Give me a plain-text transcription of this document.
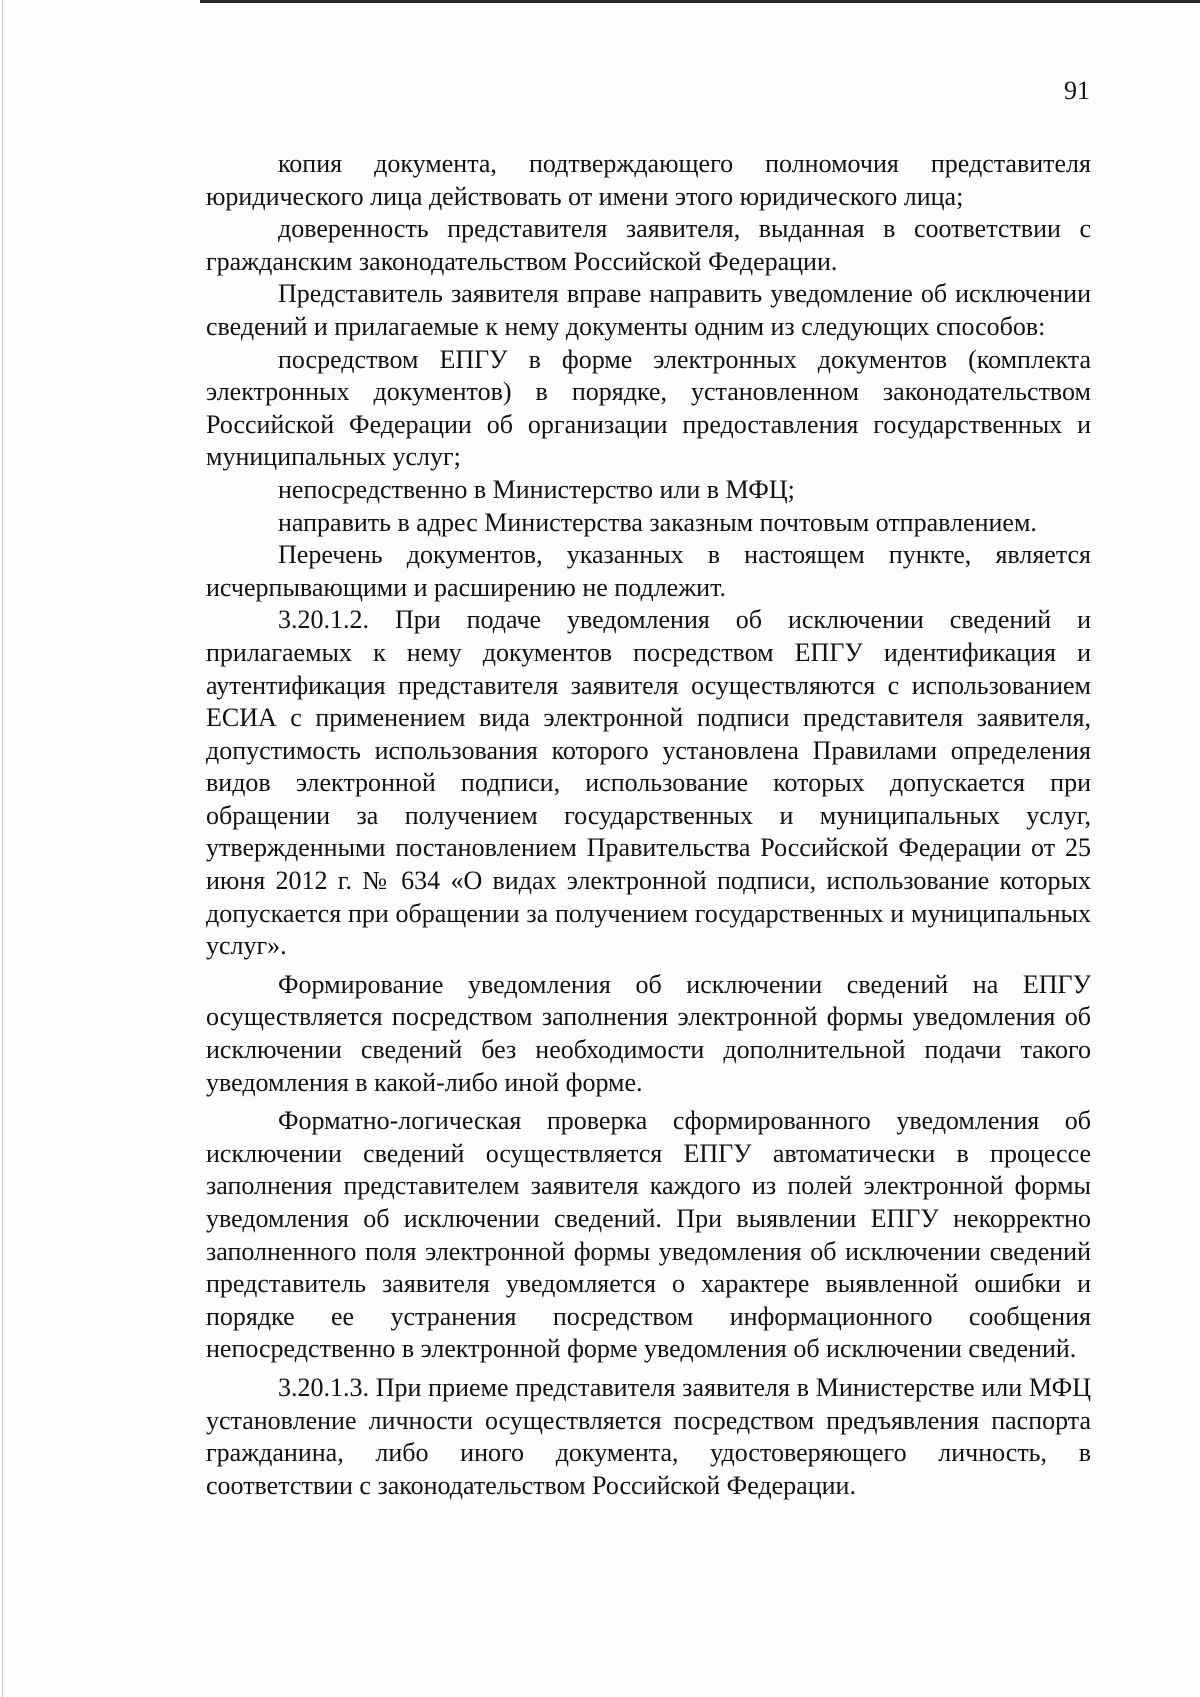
91

копия документа, подтверждающего полномочия представителя юридического лица действовать от имени этого юридического лица;

доверенность представителя заявителя, выданная в соответствии с гражданским законодательством Российской Федерации.

Представитель заявителя вправе направить уведомление об исключении сведений и прилагаемые к нему документы одним из следующих способов:

посредством ЕПГУ в форме электронных документов (комплекта электронных документов) в порядке, установленном законодательством Российской Федерации об организации предоставления государственных и муниципальных услуг;

непосредственно в Министерство или в МФЦ;

направить в адрес Министерства заказным почтовым отправлением.

Перечень документов, указанных в настоящем пункте, является исчерпывающими и расширению не подлежит.

3.20.1.2. При подаче уведомления об исключении сведений и прилагаемых к нему документов посредством ЕПГУ идентификация и аутентификация представителя заявителя осуществляются с использованием ЕСИА с применением вида электронной подписи представителя заявителя, допустимость использования которого установлена Правилами определения видов электронной подписи, использование которых допускается при обращении за получением государственных и муниципальных услуг, утвержденными постановлением Правительства Российской Федерации от 25 июня 2012 г. № 634 «О видах электронной подписи, использование которых допускается при обращении за получением государственных и муниципальных услуг».

Формирование уведомления об исключении сведений на ЕПГУ осуществляется посредством заполнения электронной формы уведомления об исключении сведений без необходимости дополнительной подачи такого уведомления в какой-либо иной форме.

Форматно-логическая проверка сформированного уведомления об исключении сведений осуществляется ЕПГУ автоматически в процессе заполнения представителем заявителя каждого из полей электронной формы уведомления об исключении сведений. При выявлении ЕПГУ некорректно заполненного поля электронной формы уведомления об исключении сведений представитель заявителя уведомляется о характере выявленной ошибки и порядке ее устранения посредством информационного сообщения непосредственно в электронной форме уведомления об исключении сведений.

3.20.1.3. При приеме представителя заявителя в Министерстве или МФЦ установление личности осуществляется посредством предъявления паспорта гражданина, либо иного документа, удостоверяющего личность, в соответствии с законодательством Российской Федерации.
